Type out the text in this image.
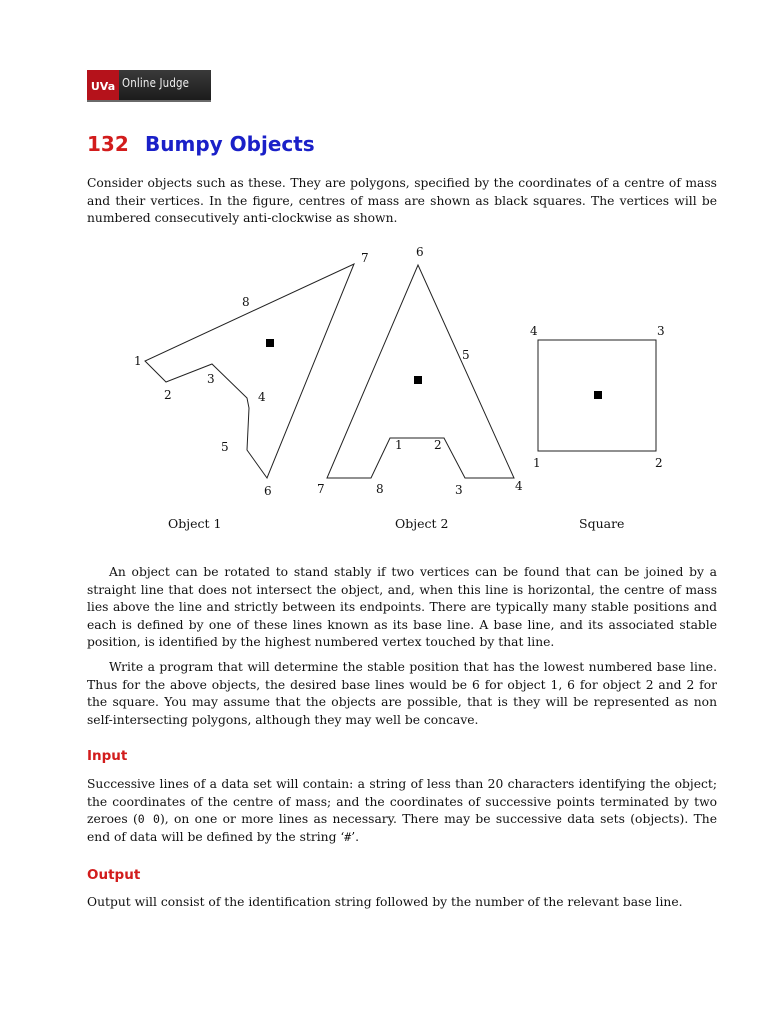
UVa Online Judge
132 Bumpy Objects

Consider objects such as these. They are polygons, specified by the coordinates of a centre of mass and their vertices. In the figure, centres of mass are shown as black squares. The vertices will be numbered consecutively anti-clockwise as shown.

1
2
3
4
5
6
7
8
Object 1
1	2
3	4
5
6
7	8
Object 2
1	2
3
4
Square

An object can be rotated to stand stably if two vertices can be found that can be joined by a straight line that does not intersect the object, and, when this line is horizontal, the centre of mass lies above the line and strictly between its endpoints. There are typically many stable positions and each is defined by one of these lines known as its base line. A base line, and its associated stable position, is identified by the highest numbered vertex touched by that line.

Write a program that will determine the stable position that has the lowest numbered base line. Thus for the above objects, the desired base lines would be 6 for object 1, 6 for object 2 and 2 for the square. You may assume that the objects are possible, that is they will be represented as non self-intersecting polygons, although they may well be concave.

Input

Successive lines of a data set will contain: a string of less than 20 characters identifying the object; the coordinates of the centre of mass; and the coordinates of successive points terminated by two zeroes (0 0), on one or more lines as necessary. There may be successive data sets (objects). The end of data will be defined by the string ‘#’.

Output

Output will consist of the identification string followed by the number of the relevant base line.
